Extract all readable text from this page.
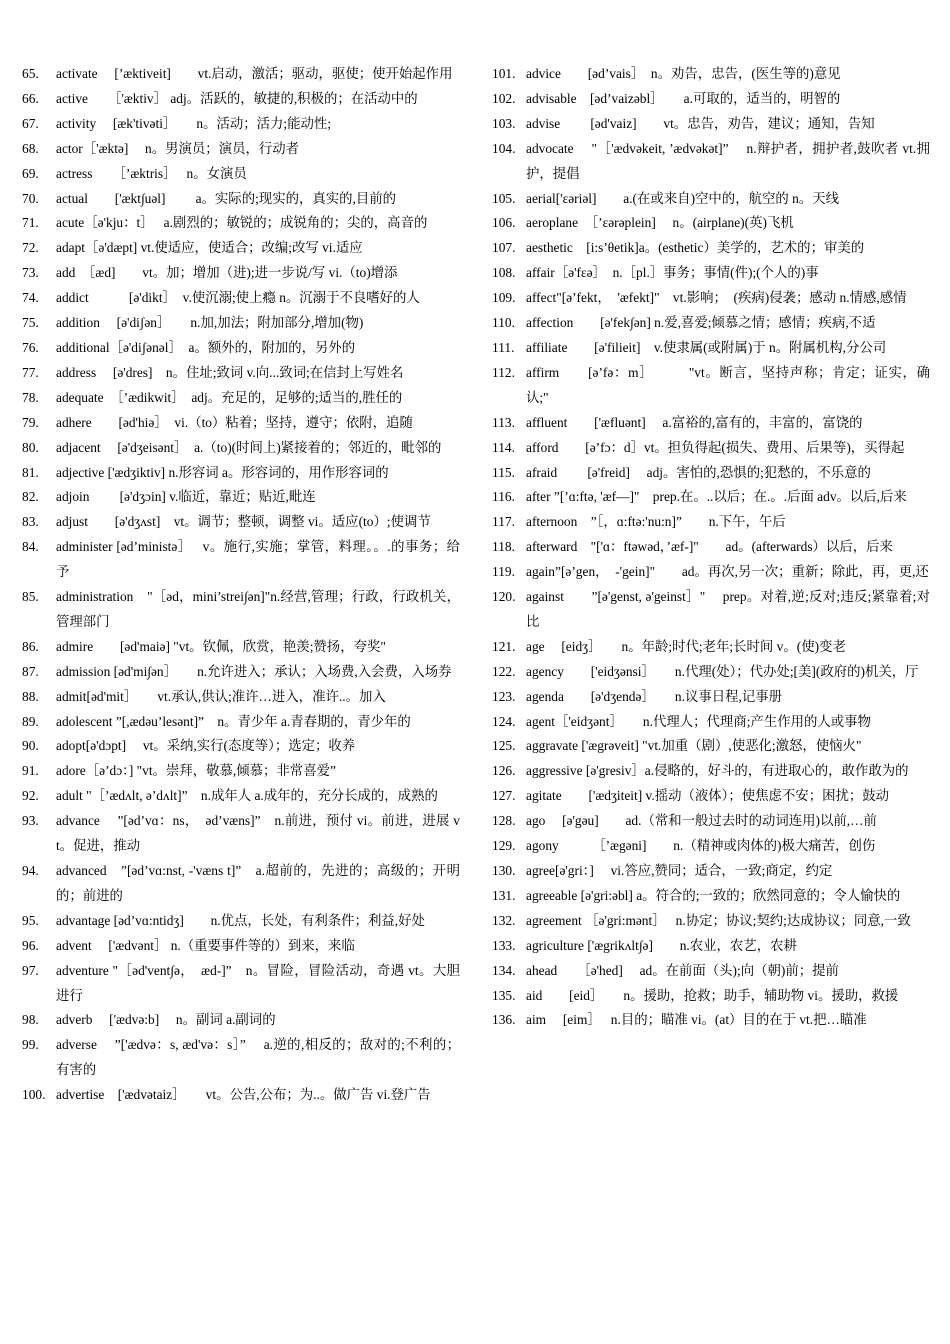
65.	activate　 [’æktiveit]　　vt.启动，激活；驱动，驱使；使开始起作用
66.	active　　［'æktiv］ adj。活跃的，敏捷的,积极的；在活动中的
67.	activity　 [æk'tivəti］　　n。活动；活力;能动性;
68.	actor［'æktə]　 n。男演员；演员，行动者
69.	actress　　［’æktris］　 n。女演员
70.	actual　　['ækt∫uəl]　　 a。实际的;现实的，真实的,目前的
71.	acute［ə'kju：t］　 a.剧烈的；敏锐的；成锐角的；尖的，高音的
72.	adapt［ə'dæpt] vt.使适应，使适合；改编;改写 vi.适应
73.	add　［æd]　　vt。加；增加（进);进一步说/写 vi.（to)增添
74.	addict　　　[ə'dikt］　v.使沉溺;使上瘾 n。沉溺于不良嗜好的人
75.	addition　 [ə'diʃən］　　n.加,加法；附加部分,增加(物)
76.	additional［ə'diʃənəl］　a。额外的，附加的，另外的
77.	address　 [ə'dres]　n。住址;致词 v.向...致词;在信封上写姓名
78.	adequate　［’ædikwit］　adj。充足的，足够的;适当的,胜任的
79.	adhere　　[əd'hiə］　vi.（to）粘着；坚持，遵守；依附，追随
80.	adjacent　 [ə'dʒeisənt］　a.（to)(时间上)紧接着的；邻近的，毗邻的
81.	adjective ['ædʒiktiv] n.形容词 a。形容词的，用作形容词的
82.	adjoin　　 [ə'dʒɔin] v.临近，靠近；贴近,毗连
83.	adjust　　[ə'dʒʌst]　vt。调节；整顿，调整 vi。适应(to）;使调节
84.	administer [əd’ministə］　 v。施行,实施；掌管，料理。。.的事务；给予
85.	administration　"［əd，mini’strei∫ən]"n.经营,管理；行政，行政机关，管理部门
86.	admire　　[əd'maiə] "vt。钦佩，欣赏，艳羡;赞扬，夸奖"
87.	admission [əd'mi∫ən］　　n.允许进入；承认；入场费,入会费，入场券
88.	admit[əd'mit］　　vt.承认,供认;准许…进入，准许..。加入
89.	adolescent ”[,ædəu’lesənt]”　n。青少年 a.青春期的，青少年的
90.	adopt[ə'dɔpt]　 vt。采纳,实行(态度等）；选定；收养
91.	adore［ə’dɔ：] "vt。崇拜，敬慕,倾慕；非常喜爱”
92.	adult "［’ædʌlt, ə’dʌlt]”　n.成年人 a.成年的，充分长成的，成熟的
93.	advance　 ”[əd’vɑ：ns，　əd’væns]”　n.前进，预付 vi。前进，进展 vt。促进，推动
94.	advanced　”[əd’vɑ:nst, -'væns t]”　a.超前的，先进的；高级的；开明的；前进的
95.	advantage [əd’vɑ:ntidʒ]　　n.优点，长处，有利条件；利益,好处
96.	advent　 ['ædvənt］ n.（重要事件等的）到来，来临
97.	adventure "［əd'vent∫ə，　æd-]”　n。冒险，冒险活动，奇遇 vt。大胆进行
98.	adverb　 ['ædvə:b]　 n。副词 a.副词的
99.	adverse　 ”['ædvə：s, æd'və：s］”　 a.逆的,相反的；敌对的;不利的；有害的
100. advertise　['ædvətaiz］　　vt。公告,公布；为..。做广告 vi.登广告
101. advice　　[əd’vais］　n。劝告，忠告，(医生等的)意见
102. advisable　[əd’vaizəbl］　　a.可取的，适当的，明智的
103. advise　　 [əd'vaiz]　　vt。忠告，劝告，建议；通知，告知
104. advocate　 "［'ædvəkeit, ’ædvəkət]”　 n.辩护者，拥护者,鼓吹者 vt.拥护，提倡
105. aerial['εəriəl]　　a.(在或来自)空中的，航空的 n。天线
106. aeroplane　［’εərəplein]　 n。(airplane)(英)飞机
107. aesthetic　[i:s’θetik]a。(esthetic）美学的，艺术的；审美的
108. affair［ə'fεə］　n.［pl.］事务；事情(件);(个人的)事
109. affect"[ə’fekt，　'æfekt]"　vt.影响；　(疾病)侵袭；感动 n.情感,感情
110. affection　　[ə'fek∫ən] n.爱,喜爱;倾慕之情；感情；疾病,不适
111. affiliate　　[ə'filieit]　v.使隶属(或附属)于 n。附属机构,分公司
112. affirm　　[ə’fə：m］　　　"vt。断言，坚持声称；肯定；证实，确认;"
113. affluent　　['æfluənt]　 a.富裕的,富有的，丰富的，富饶的
114. afford　　[ə’fɔ：d］vt。担负得起(损失、费用、后果等)，买得起
115. afraid　　 [ə'freid]　 adj。害怕的,恐惧的;犯愁的，不乐意的
116. after ”[’ɑ:ftə, 'æf—]"　prep.在。..以后；在.。.后面 adv。以后,后来
117. afternoon　”［，ɑ:ftə:'nu:n]”　　n.下午，午后
118. afterward　"['ɑ：ftəwəd，’æf-]"　　ad。(afterwards）以后，后来
119. again”[ə’gen，　-'gein]"　　ad。再次,另一次；重新；除此，再，更,还
120. against　　”[ə'genst, ə'geinst］"　 prep。对着,逆;反对;违反;紧靠着;对比
121. age　 [eidʒ］　　n。年龄;时代;老年;长时间 v。(使)变老
122. agency　　['eidʒənsi］　　n.代理(处）；代办处;[美](政府的)机关，厅
123. agenda　　[ə'dʒendə］　　n.议事日程,记事册
124. agent［'eidʒənt］　　n.代理人；代理商;产生作用的人或事物
125. aggravate ['ægrəveit] "vt.加重（剧）,使恶化;激怒，使恼火"
126. aggressive [ə'gresiv］a.侵略的，好斗的，有进取心的，敢作敢为的
127. agitate　　['ædʒiteit] v.摇动（液体）；使焦虑不安；困扰；鼓动
128. ago　 [ə'gəu]　　ad.（常和一般过去时的动词连用)以前,…前
129. agony　　　［’ægəni]　　n.（精神或肉体的)极大痛苦，创伤
130. agree[ə'gri：]　 vi.答应,赞同；适合，一致;商定，约定
131. agreeable [ə'gri:əbl] a。符合的;一致的；欣然同意的；令人愉快的
132. agreement ［ə'gri:mənt］　 n.协定；协议;契约;达成协议；同意,一致
133. agriculture ['ægrikʌlt∫ə]　　n.农业，农艺，农耕
134. ahead　　［ə'hed]　 ad。在前面（头);向（朝)前；提前
135. aid　　[eid］　　n。援助，抢救；助手，辅助物 vi。援助，救援
136. aim　 [eim］　 n.目的；瞄准 vi。(at）目的在于 vt.把…瞄准
